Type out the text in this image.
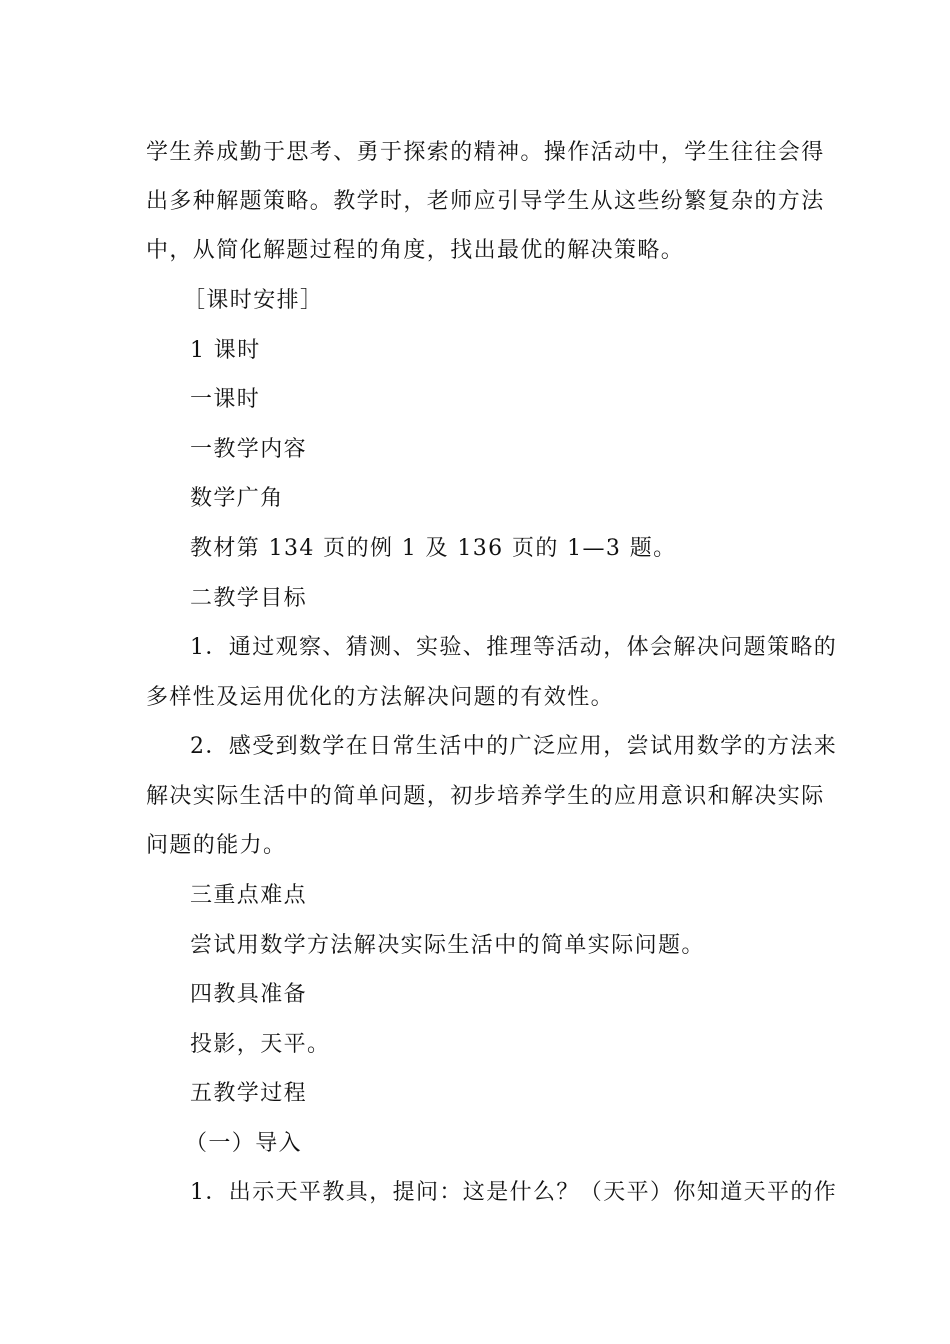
学生养成勤于思考、勇于探索的精神。操作活动中，学生往往会得
出多种解题策略。教学时，老师应引导学生从这些纷繁复杂的方法
中，从简化解题过程的角度，找出最优的解决策略。
［课时安排］
1 课时
一课时
一教学内容
数学广角
教材第 134 页的例 1 及 136 页的 1—3 题。
二教学目标
1．通过观察、猜测、实验、推理等活动，体会解决问题策略的
多样性及运用优化的方法解决问题的有效性。
2．感受到数学在日常生活中的广泛应用，尝试用数学的方法来
解决实际生活中的简单问题，初步培养学生的应用意识和解决实际
问题的能力。
三重点难点
尝试用数学方法解决实际生活中的简单实际问题。
四教具准备
投影，天平。
五教学过程
（一）导入
1．出示天平教具，提问：这是什么？（天平）你知道天平的作
